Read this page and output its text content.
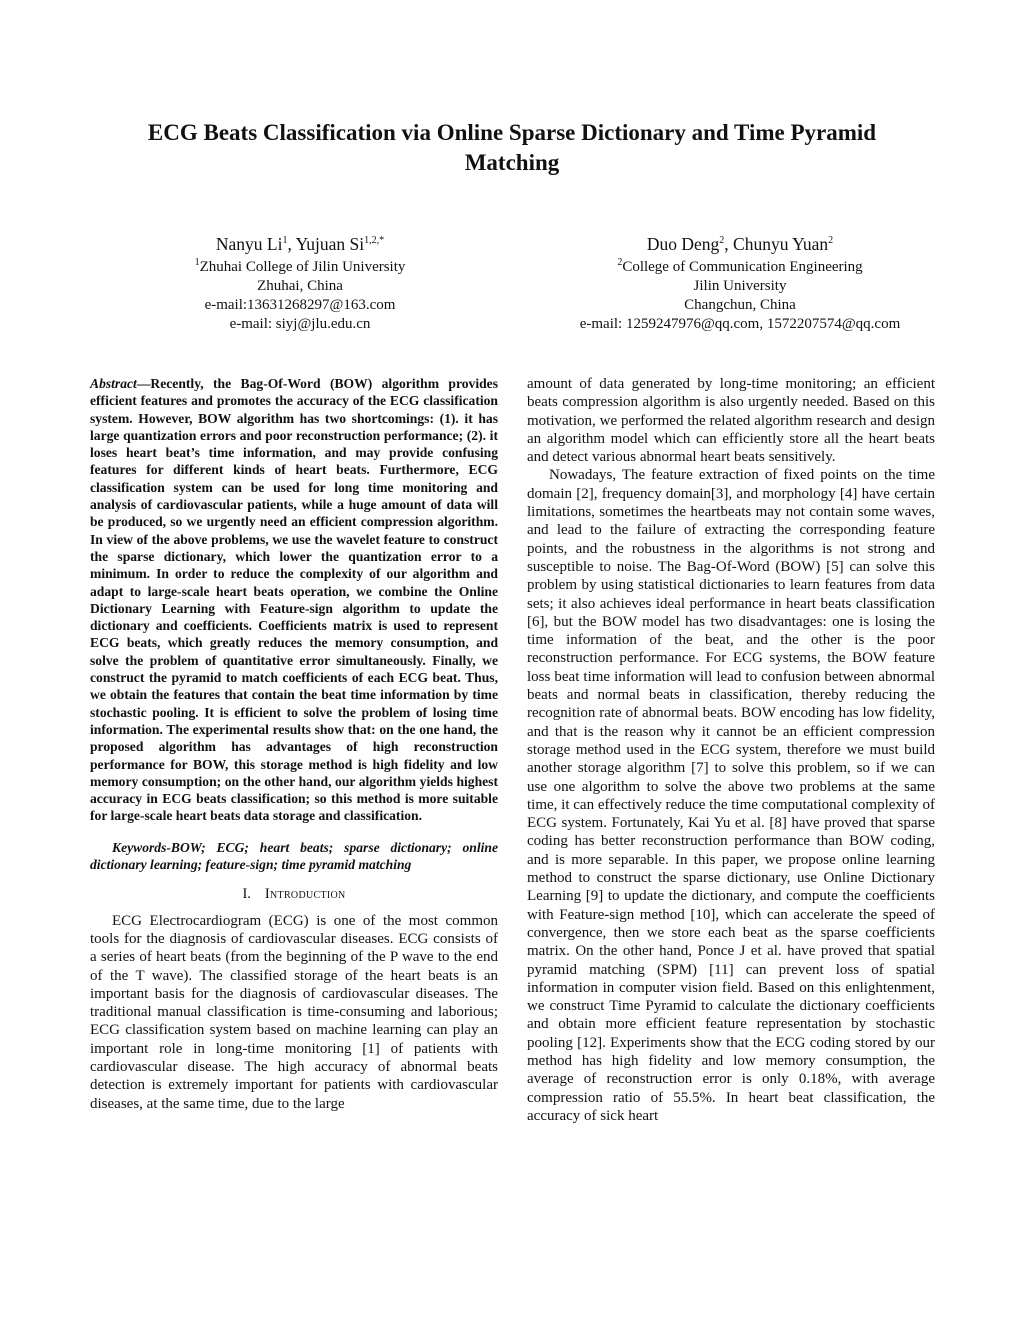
ECG Beats Classification via Online Sparse Dictionary and Time Pyramid Matching
Nanyu Li$^1$, Yujuan $Si^{1,2,*}$
$^1$Zhuhai College of Jilin University
Zhuhai, China
e-mail:13631268297@163.com
e-mail: siyj@jlu.edu.cn
Duo Deng$^2$, Chunyu Yuan$^2$
$^2$College of Communication Engineering
Jilin University
Changchun, China
e-mail: 1259247976@qq.com, 1572207574@qq.com

Abstract—Recently, the Bag-Of-Word (BOW) algorithm provides efficient features and promotes the accuracy of the ECG classification system. However, BOW algorithm has two shortcomings: (1). it has large quantization errors and poor reconstruction performance; (2). it loses heart beat’s time information, and may provide confusing features for different kinds of heart beats. Furthermore, ECG classification system can be used for long time monitoring and analysis of cardiovascular patients, while a huge amount of data will be produced, so we urgently need an efficient compression algorithm. In view of the above problems, we use the wavelet feature to construct the sparse dictionary, which lower the quantization error to a minimum. In order to reduce the complexity of our algorithm and adapt to large-scale heart beats operation, we combine the Online Dictionary Learning with Feature-sign algorithm to update the dictionary and coefficients. Coefficients matrix is used to represent ECG beats, which greatly reduces the memory consumption, and solve the problem of quantitative error simultaneously. Finally, we construct the pyramid to match coefficients of each ECG beat. Thus, we obtain the features that contain the beat time information by time stochastic pooling. It is efficient to solve the problem of losing time information. The experimental results show that: on the one hand, the proposed algorithm has advantages of high reconstruction performance for BOW, this storage method is high fidelity and low memory consumption; on the other hand, our algorithm yields highest accuracy in ECG beats classification; so this method is more suitable for large-scale heart beats data storage and classification.

Keywords-BOW; ECG; heart beats; sparse dictionary; online dictionary learning; feature-sign; time pyramid matching

I. Introduction

ECG Electrocardiogram (ECG) is one of the most common tools for the diagnosis of cardiovascular diseases. ECG consists of a series of heart beats (from the beginning of the P wave to the end of the T wave). The classified storage of the heart beats is an important basis for the diagnosis of cardiovascular diseases. The traditional manual classification is time-consuming and laborious; ECG classification system based on machine learning can play an important role in long-time monitoring [1] of patients with cardiovascular disease. The high accuracy of abnormal beats detection is extremely important for patients with cardiovascular diseases, at the same time, due to the large

amount of data generated by long-time monitoring; an efficient beats compression algorithm is also urgently needed. Based on this motivation, we performed the related algorithm research and design an algorithm model which can efficiently store all the heart beats and detect various abnormal heart beats sensitively.

Nowadays, The feature extraction of fixed points on the time domain [2], frequency domain[3], and morphology [4] have certain limitations, sometimes the heartbeats may not contain some waves, and lead to the failure of extracting the corresponding feature points, and the robustness in the algorithms is not strong and susceptible to noise. The Bag-Of-Word (BOW) [5] can solve this problem by using statistical dictionaries to learn features from data sets; it also achieves ideal performance in heart beats classification [6], but the BOW model has two disadvantages: one is losing the time information of the beat, and the other is the poor reconstruction performance. For ECG systems, the BOW feature loss beat time information will lead to confusion between abnormal beats and normal beats in classification, thereby reducing the recognition rate of abnormal beats. BOW encoding has low fidelity, and that is the reason why it cannot be an efficient compression storage method used in the ECG system, therefore we must build another storage algorithm [7] to solve this problem, so if we can use one algorithm to solve the above two problems at the same time, it can effectively reduce the time computational complexity of ECG system. Fortunately, Kai Yu et al. [8] have proved that sparse coding has better reconstruction performance than BOW coding, and is more separable. In this paper, we propose online learning method to construct the sparse dictionary, use Online Dictionary Learning [9] to update the dictionary, and compute the coefficients with Feature-sign method [10], which can accelerate the speed of convergence, then we store each beat as the sparse coefficients matrix. On the other hand, Ponce J et al. have proved that spatial pyramid matching (SPM) [11] can prevent loss of spatial information in computer vision field. Based on this enlightenment, we construct Time Pyramid to calculate the dictionary coefficients and obtain more efficient feature representation by stochastic pooling [12]. Experiments show that the ECG coding stored by our method has high fidelity and low memory consumption, the average of reconstruction error is only 0.18%, with average compression ratio of 55.5%. In heart beat classification, the accuracy of sick heart
